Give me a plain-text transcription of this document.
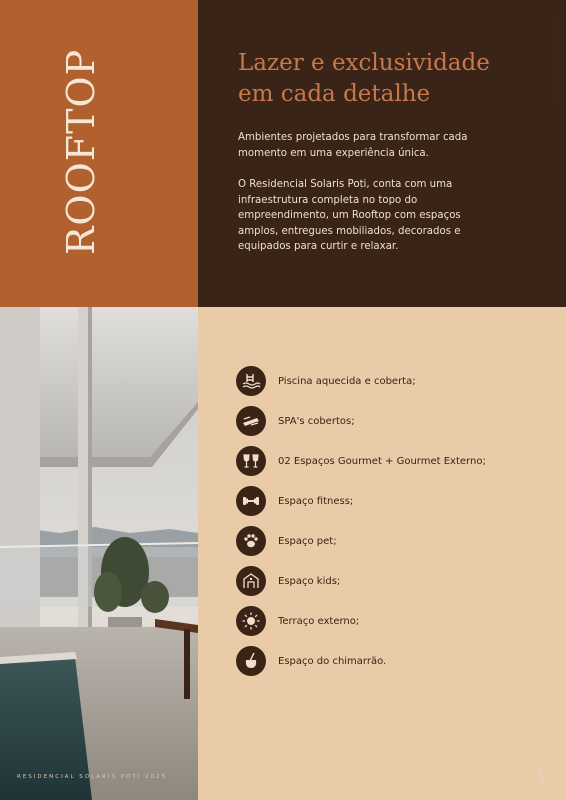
ROOFTOP	Lazer e exclusividade
em cada detalhe
Ambientes projetados para transformar cada
momento em uma experiência única.
O Residencial Solaris Poti, conta com uma
infraestrutura completa no topo do
empreendimento, um Rooftop com espaços
amplos, entregues mobiliados, decorados e
equipados para curtir e relaxar.
· · · · · · · · · · · · · · · · · · · ·
Piscina aquecida e coberta;
SPA's cobertos;
02 Espaços Gourmet + Gourmet Externo;
Espaço fitness;
Espaço pet;
Espaço kids;
Terraço externo;
Espaço do chimarrão.
RESIDENCIAL SOLARIS POTI 2025
